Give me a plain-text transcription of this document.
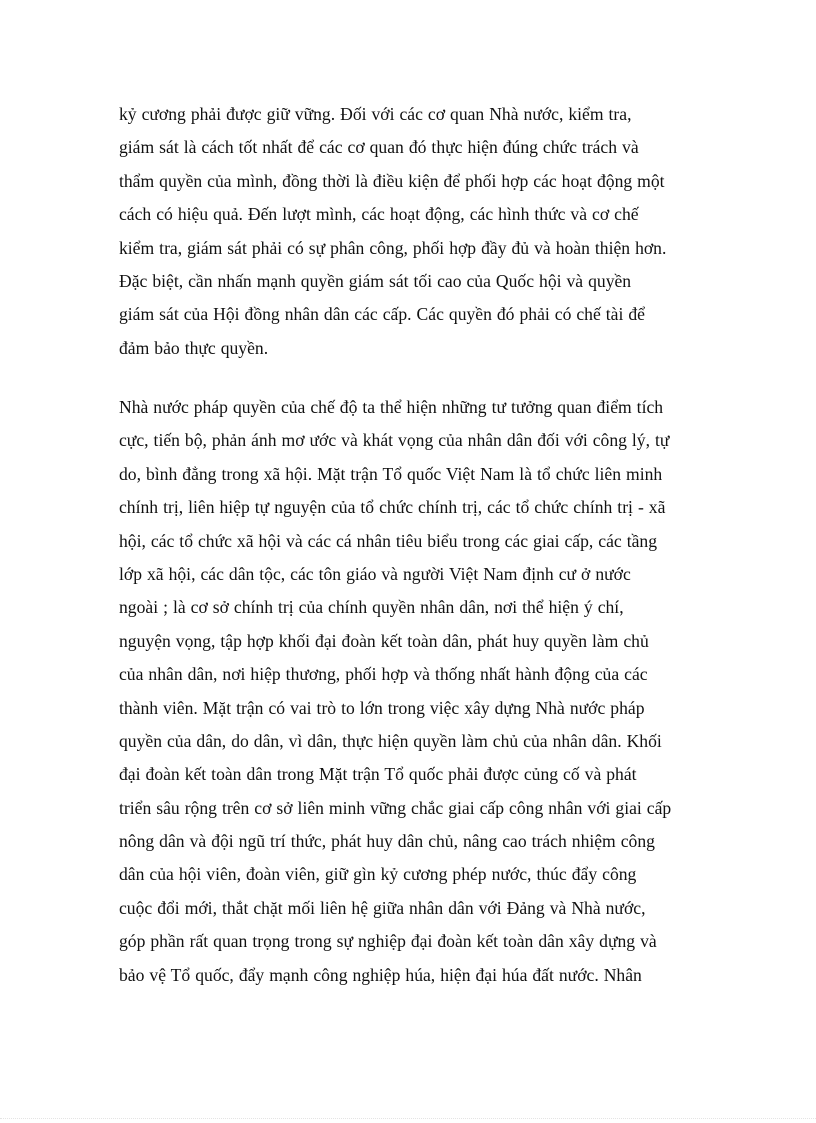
kỷ cương phải được giữ vững. Đối với các cơ quan Nhà nước, kiểm tra,
giám sát là cách tốt nhất để các cơ quan đó thực hiện đúng chức trách và
thẩm quyền của mình, đồng thời là điều kiện để phối hợp các hoạt động một
cách có hiệu quả. Đến lượt mình, các hoạt động, các hình thức và cơ chế
kiểm tra, giám sát phải có sự phân công, phối hợp đầy đủ và hoàn thiện hơn.
Đặc biệt, cần nhấn mạnh quyền giám sát tối cao của Quốc hội và quyền
giám sát của Hội đồng nhân dân các cấp. Các quyền đó phải có chế tài để
đảm bảo thực quyền.

Nhà nước pháp quyền của chế độ ta thể hiện những tư tưởng quan điểm tích
cực, tiến bộ, phản ánh mơ ước và khát vọng của nhân dân đối với công lý, tự
do, bình đẳng trong xã hội. Mặt trận Tổ quốc Việt Nam là tổ chức liên minh
chính trị, liên hiệp tự nguyện của tổ chức chính trị, các tổ chức chính trị - xã
hội, các tổ chức xã hội và các cá nhân tiêu biểu trong các giai cấp, các tầng
lớp xã hội, các dân tộc, các tôn giáo và người Việt Nam định cư ở nước
ngoài ; là cơ sở chính trị của chính quyền nhân dân, nơi thể hiện ý chí,
nguyện vọng, tập hợp khối đại đoàn kết toàn dân, phát huy quyền làm chủ
của nhân dân, nơi hiệp thương, phối hợp và thống nhất hành động của các
thành viên. Mặt trận có vai trò to lớn trong việc xây dựng Nhà nước pháp
quyền của dân, do dân, vì dân, thực hiện quyền làm chủ của nhân dân. Khối
đại đoàn kết toàn dân trong Mặt trận Tổ quốc phải được củng cố và phát
triển sâu rộng trên cơ sở liên minh vững chắc giai cấp công nhân với giai cấp
nông dân và đội ngũ trí thức, phát huy dân chủ, nâng cao trách nhiệm công
dân của hội viên, đoàn viên, giữ gìn kỷ cương phép nước, thúc đẩy công
cuộc đổi mới, thắt chặt mối liên hệ giữa nhân dân với Đảng và Nhà nước,
góp phần rất quan trọng trong sự nghiệp đại đoàn kết toàn dân xây dựng và
bảo vệ Tổ quốc, đẩy mạnh công nghiệp húa, hiện đại húa đất nước. Nhân
